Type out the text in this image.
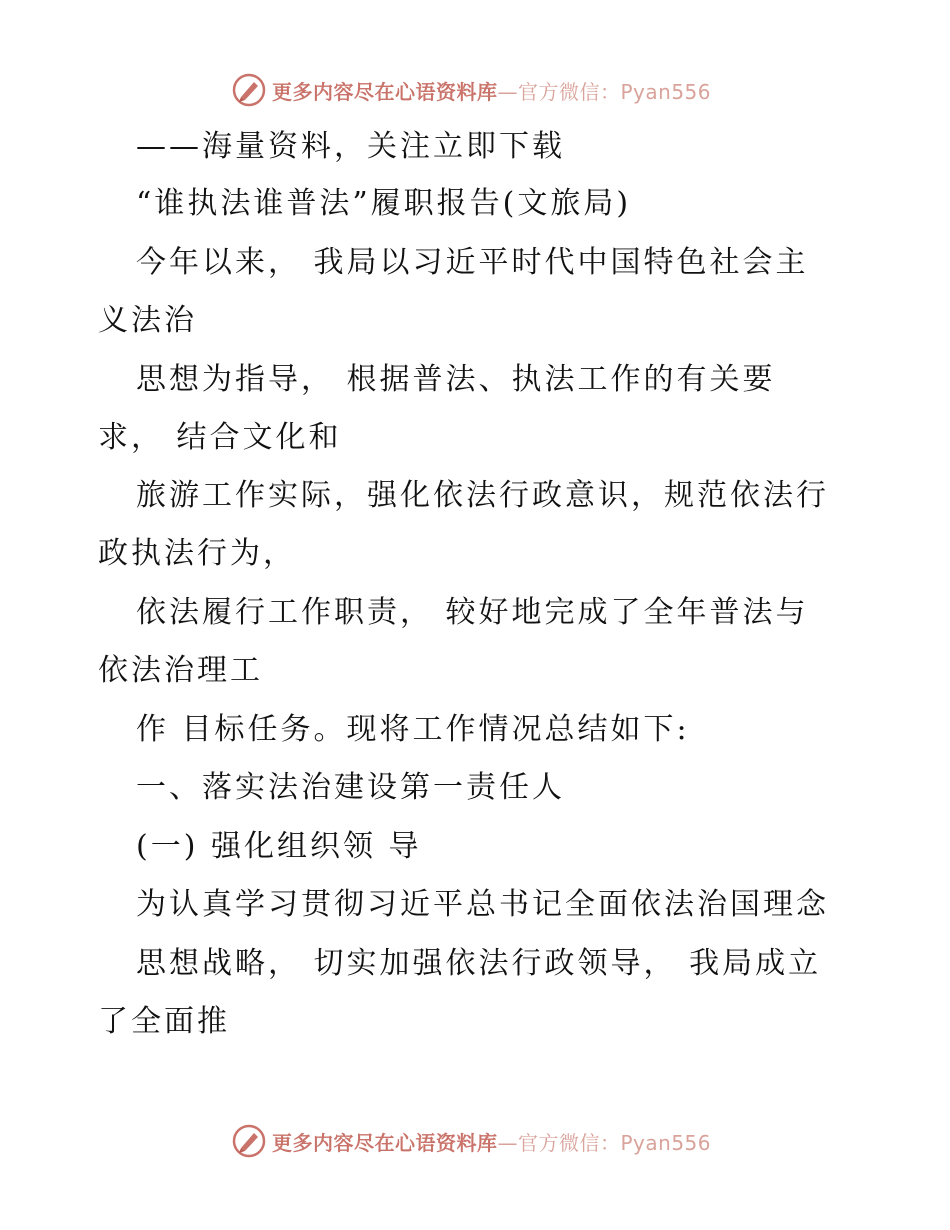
更多内容尽在心语资料库—官方微信：Pyan556
——海量资料，关注立即下载
“谁执法谁普法”履职报告(文旅局)
今年以来， 我局以习近平时代中国特色社会主
义法治
思想为指导， 根据普法、执法工作的有关要
求， 结合文化和
旅游工作实际，强化依法行政意识，规范依法行
政执法行为，
依法履行工作职责， 较好地完成了全年普法与
依法治理工
作 目标任务。现将工作情况总结如下:
一、落实法治建设第一责任人
(一) 强化组织领 导
为认真学习贯彻习近平总书记全面依法治国理念
思想战略， 切实加强依法行政领导， 我局成立
了全面推
更多内容尽在心语资料库—官方微信：Pyan556
